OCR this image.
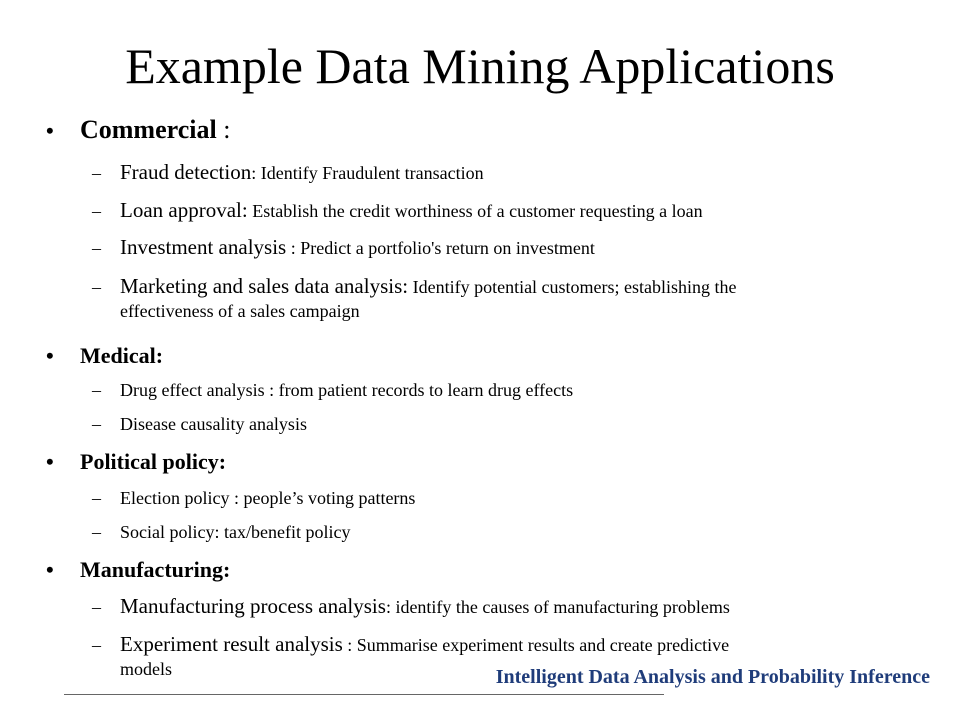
Example Data Mining Applications
• Commercial :
– Fraud detection: Identify Fraudulent transaction
– Loan approval: Establish the credit worthiness of a customer requesting a loan
– Investment analysis : Predict a portfolio's return on investment
– Marketing and sales data analysis: Identify potential customers; establishing the
effectiveness of a sales campaign
• Medical:
– Drug effect analysis : from patient records to learn drug effects
– Disease causality analysis
• Political policy:
– Election policy : people’s voting patterns
– Social policy: tax/benefit policy
• Manufacturing:
– Manufacturing process analysis: identify the causes of manufacturing problems
– Experiment result analysis : Summarise experiment results and create predictive
models	Intelligent Data Analysis and Probability Inference
